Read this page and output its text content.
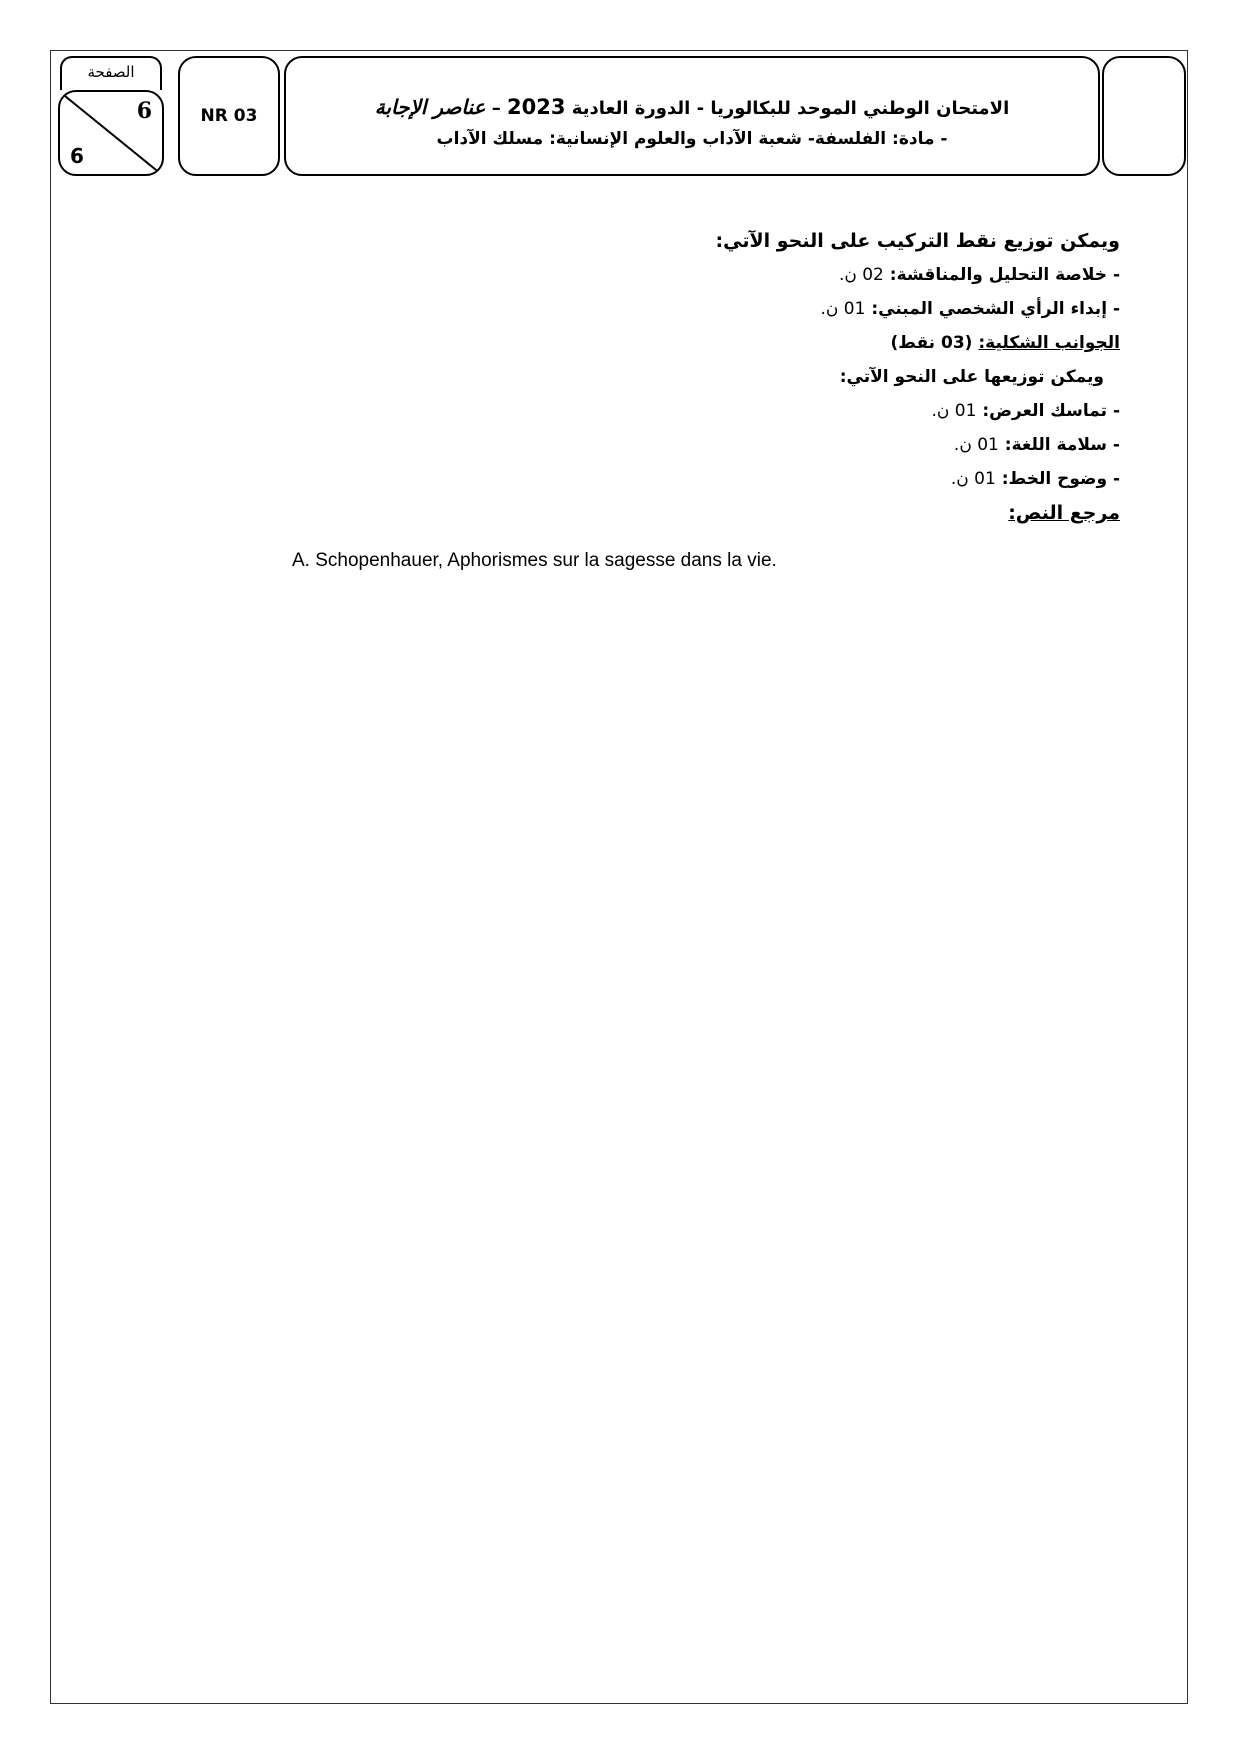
الصفحة
6
6
NR 03	الامتحان الوطني الموحد للبكالوريا - الدورة العادية 2023 – عناصر الإجابة
- مادة: الفلسفة- شعبة الآداب والعلوم الإنسانية: مسلك الآداب

ويمكن توزيع نقط التركيب على النحو الآتي:

- خلاصة التحليل والمناقشة: 02 ن.

- إبداء الرأي الشخصي المبني: 01 ن.

الجوانب الشكلية: (03 نقط)

ويمكن توزيعها على النحو الآتي:

- تماسك العرض: 01 ن.

- سلامة اللغة: 01 ن.

- وضوح الخط: 01 ن.

مرجع النص:

A. Schopenhauer, Aphorismes sur la sagesse dans la vie.
